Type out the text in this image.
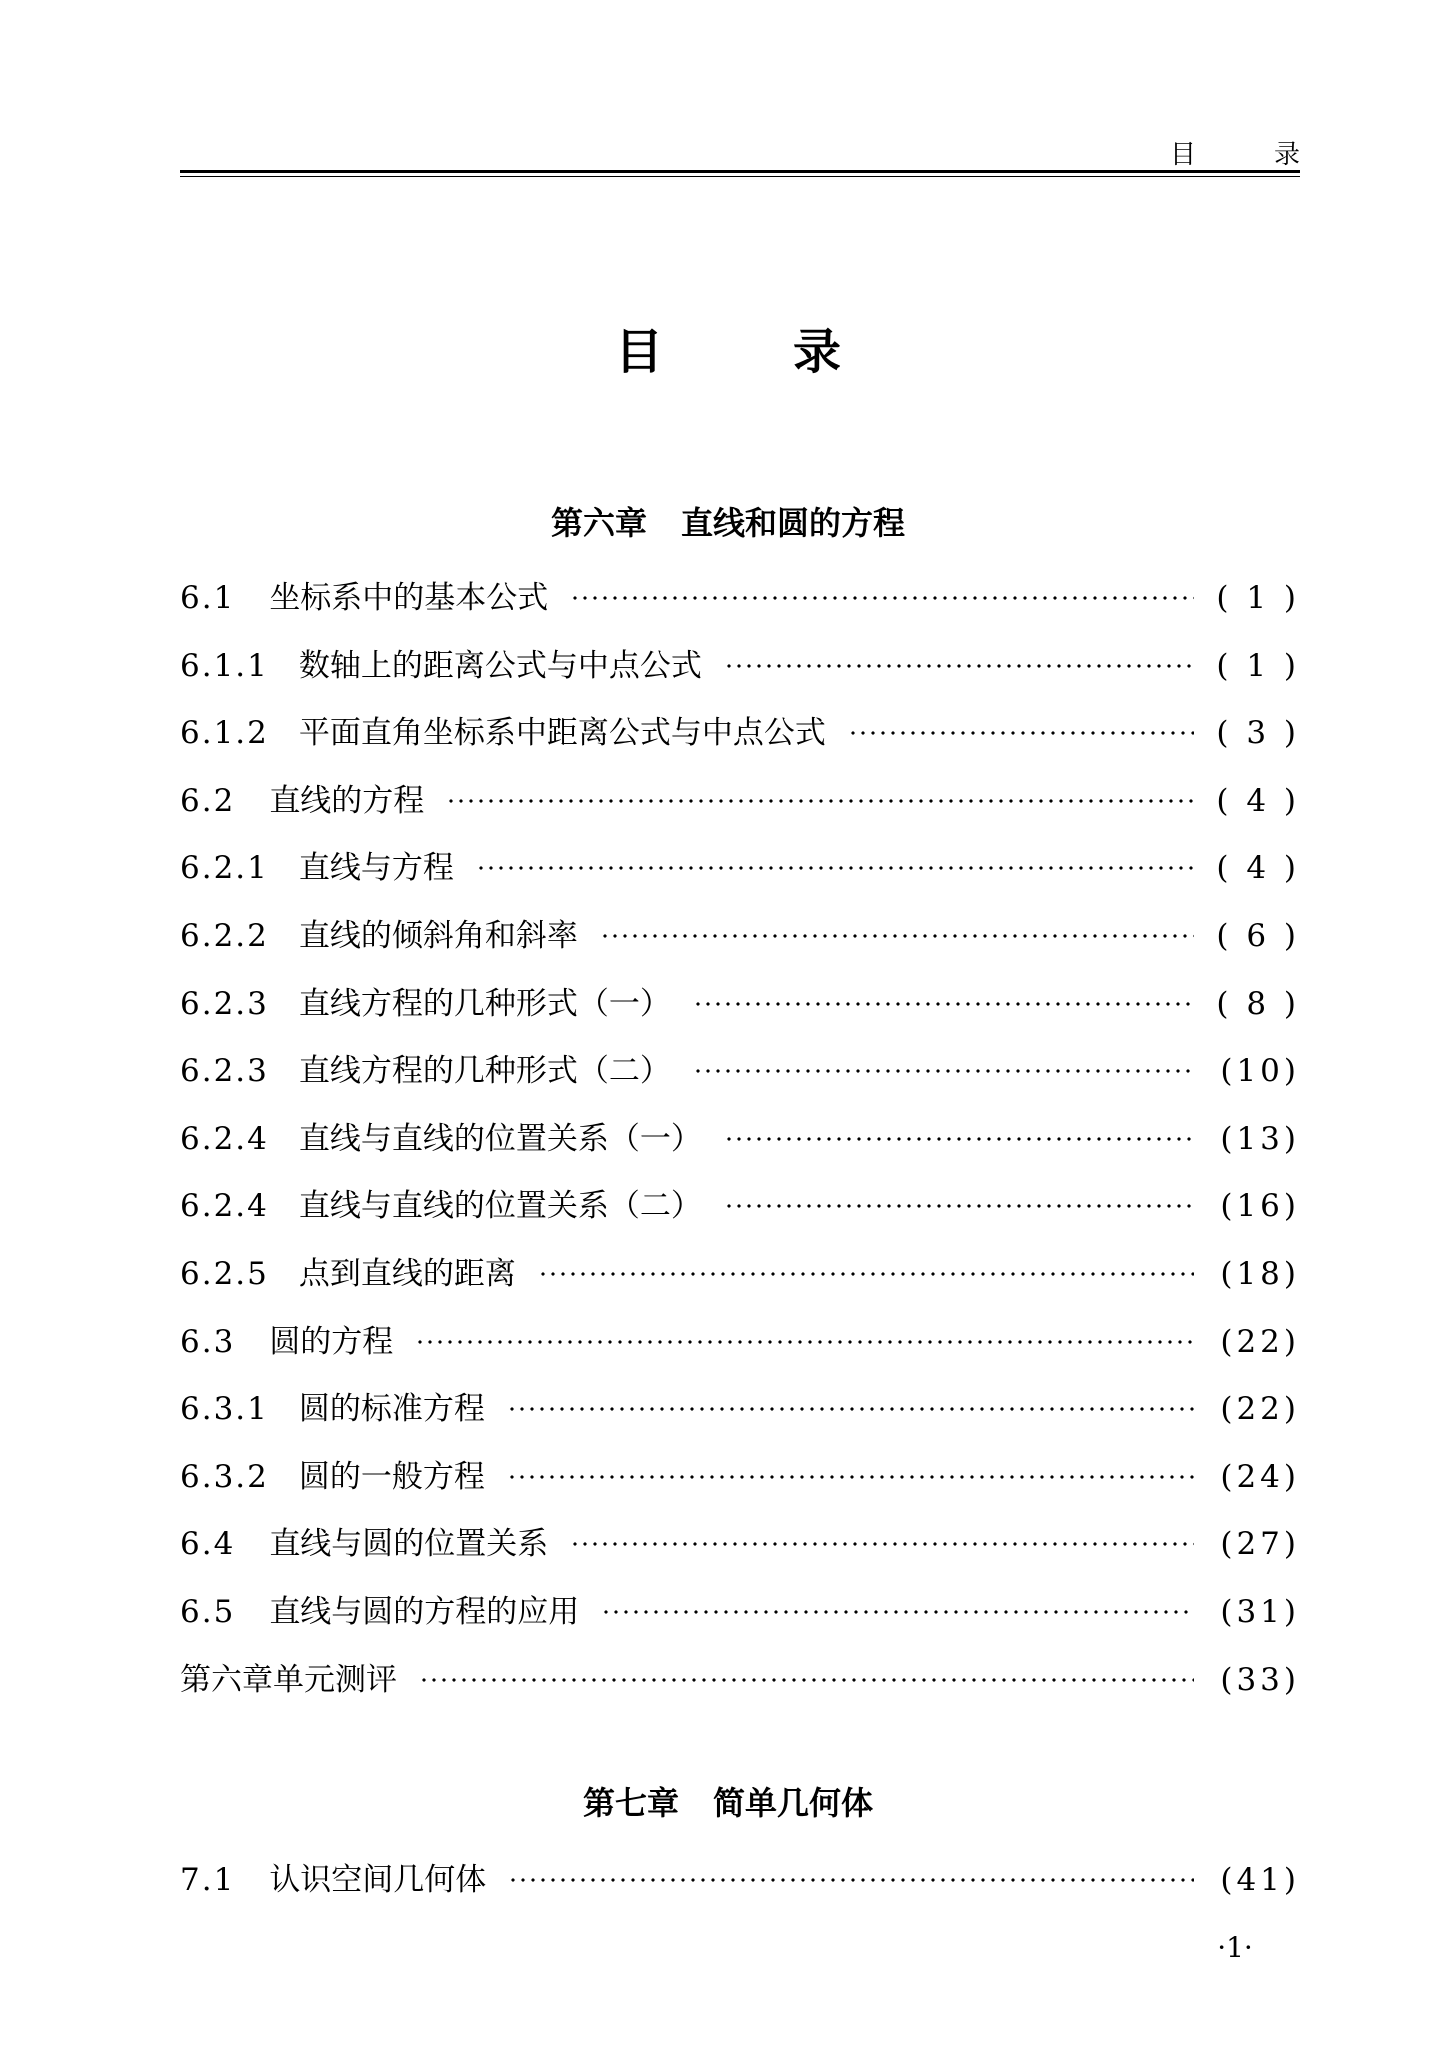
目	录
目	录
第六章 直线和圆的方程
6.1 坐标系中的基本公式	( 1 )
6.1.1 数轴上的距离公式与中点公式	( 1 )
6.1.2 平面直角坐标系中距离公式与中点公式	( 3 )
6.2 直线的方程	( 4 )
6.2.1 直线与方程	( 4 )
6.2.2 直线的倾斜角和斜率	( 6 )
6.2.3 直线方程的几种形式（一）	( 8 )
6.2.3 直线方程的几种形式（二）	(10)
6.2.4 直线与直线的位置关系（一）	(13)
6.2.4 直线与直线的位置关系（二）	(16)
6.2.5 点到直线的距离	(18)
6.3 圆的方程	(22)
6.3.1 圆的标准方程	(22)
6.3.2 圆的一般方程	(24)
6.4 直线与圆的位置关系	(27)
6.5 直线与圆的方程的应用	(31)
第六章单元测评	(33)
第七章 简单几何体
7.1 认识空间几何体	(41)
·1·
